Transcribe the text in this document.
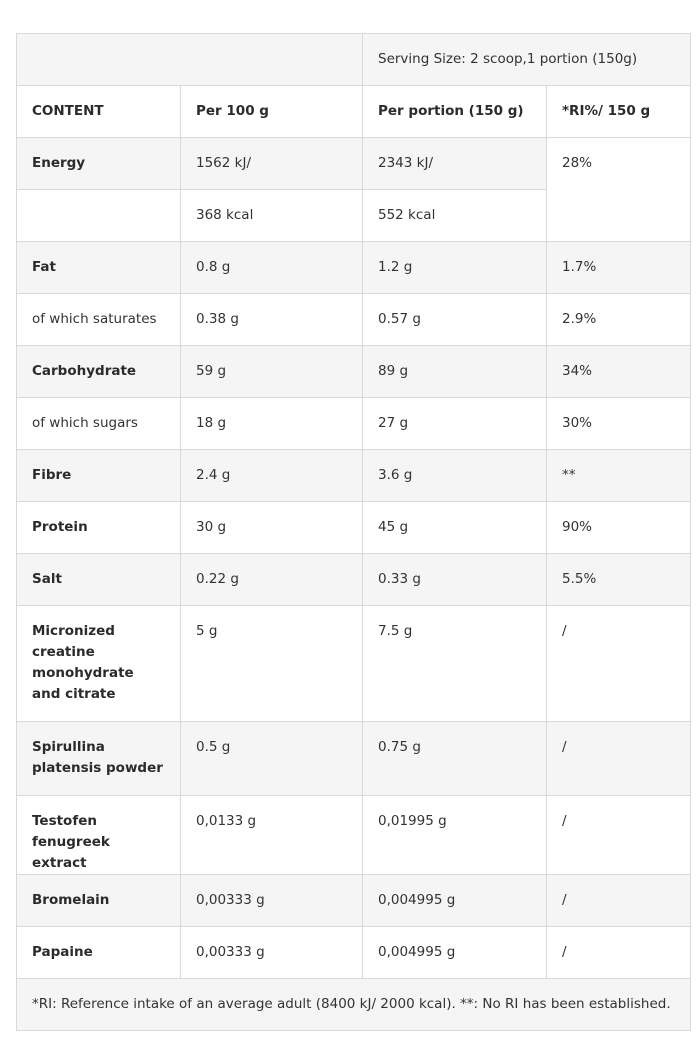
		Serving Size: 2 scoop,1 portion (150g)	
CONTENT	Per 100 g	Per portion (150 g)	*RI%/ 150 g
Energy	1562 kJ/	2343 kJ/	28%
	368 kcal	552 kcal	
Fat	0.8 g	1.2 g	1.7%
of which saturates	0.38 g	0.57 g	2.9%
Carbohydrate	59 g	89 g	34%
of which sugars	18 g	27 g	30%
Fibre	2.4 g	3.6 g	**
Protein	30 g	45 g	90%
Salt	0.22 g	0.33 g	5.5%
Micronized creatine monohydrate and citrate	5 g	7.5 g	/
Spirullina platensis powder	0.5 g	0.75 g	/
Testofen fenugreek extract	0,0133 g	0,01995 g	/
Bromelain	0,00333 g	0,004995 g	/
Papaine	0,00333 g	0,004995 g	/
*RI: Reference intake of an average adult (8400 kJ/ 2000 kcal). **: No RI has been established.			
